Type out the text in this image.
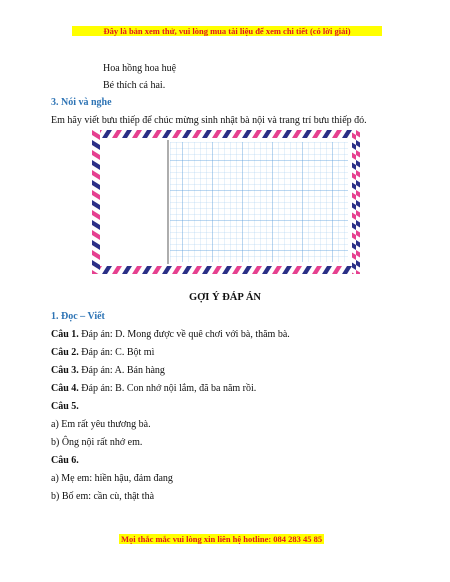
Đây là bản xem thử, vui lòng mua tài liệu để xem chi tiết (có lời giải)
Hoa hồng hoa huệ
Bé thích cả hai.
3. Nói và nghe
Em hãy viết bưu thiếp để chúc mừng sinh nhật bà nội và trang trí bưu thiếp đó.
GỢI Ý ĐÁP ÁN
1. Đọc – Viết
Câu 1. Đáp án: D. Mong được về quê chơi với bà, thăm bà.
Câu 2. Đáp án: C. Bột mì
Câu 3. Đáp án: A. Bán hàng
Câu 4. Đáp án: B. Con nhớ nội lắm, đã ba năm rồi.
Câu 5.
a) Em rất yêu thương bà.
b) Ông nội rất nhớ em.
Câu 6.
a) Mẹ em: hiền hậu, đảm đang
b) Bố em: cần cù, thật thà
Mọi thắc mắc vui lòng xin liên hệ hotline: 084 283 45 85
